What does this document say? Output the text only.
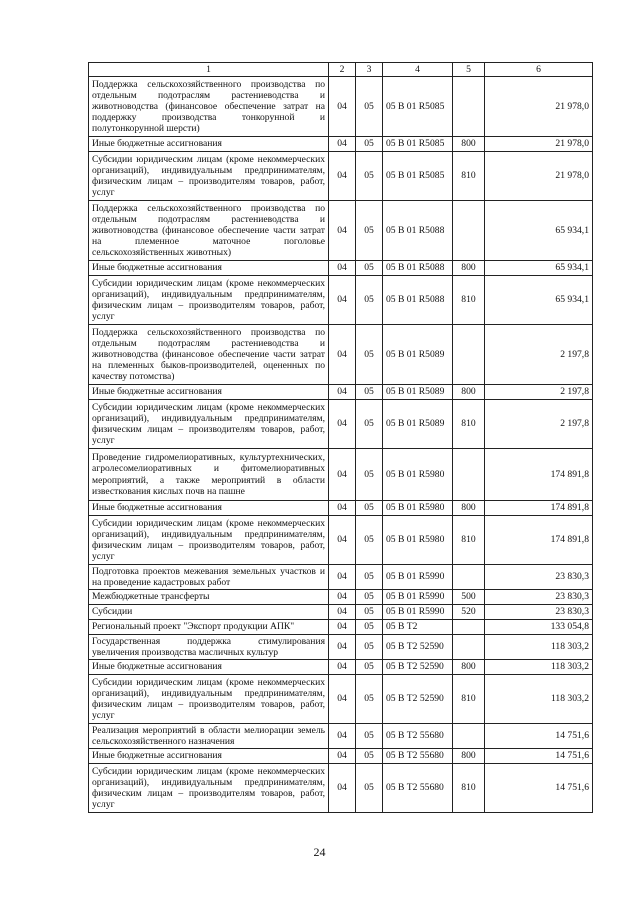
1	2	3	4	5	6
Поддержка сельскохозяйственного производства по отдельным подотраслям растениеводства и животноводства (финансовое обеспечение затрат на поддержку производства тонкорунной и полутонкорунной шерсти)	04	05	05 В 01 R5085		21 978,0
Иные бюджетные ассигнования	04	05	05 В 01 R5085	800	21 978,0
Субсидии юридическим лицам (кроме некоммерческих организаций), индивидуальным предпринимателям, физическим лицам – производителям товаров, работ, услуг	04	05	05 В 01 R5085	810	21 978,0
Поддержка сельскохозяйственного производства по отдельным подотраслям растениеводства и животноводства (финансовое обеспечение части затрат на племенное маточное поголовье сельскохозяйственных животных)	04	05	05 В 01 R5088		65 934,1
Иные бюджетные ассигнования	04	05	05 В 01 R5088	800	65 934,1
Субсидии юридическим лицам (кроме некоммерческих организаций), индивидуальным предпринимателям, физическим лицам – производителям товаров, работ, услуг	04	05	05 В 01 R5088	810	65 934,1
Поддержка сельскохозяйственного производства по отдельным подотраслям растениеводства и животноводства (финансовое обеспечение части затрат на племенных быков-производителей, оцененных по качеству потомства)	04	05	05 В 01 R5089		2 197,8
Иные бюджетные ассигнования	04	05	05 В 01 R5089	800	2 197,8
Субсидии юридическим лицам (кроме некоммерческих организаций), индивидуальным предпринимателям, физическим лицам – производителям товаров, работ, услуг	04	05	05 В 01 R5089	810	2 197,8
Проведение гидромелиоративных, культуртехнических, агролесомелиоративных и фитомелиоративных мероприятий, а также мероприятий в области известкования кислых почв на пашне	04	05	05 В 01 R5980		174 891,8
Иные бюджетные ассигнования	04	05	05 В 01 R5980	800	174 891,8
Субсидии юридическим лицам (кроме некоммерческих организаций), индивидуальным предпринимателям, физическим лицам – производителям товаров, работ, услуг	04	05	05 В 01 R5980	810	174 891,8
Подготовка проектов межевания земельных участков и на проведение кадастровых работ	04	05	05 В 01 R5990		23 830,3
Межбюджетные трансферты	04	05	05 В 01 R5990	500	23 830,3
Субсидии	04	05	05 В 01 R5990	520	23 830,3
Региональный проект "Экспорт продукции АПК"	04	05	05 В Т2		133 054,8
Государственная поддержка стимулирования увеличения производства масличных культур	04	05	05 В Т2 52590		118 303,2
Иные бюджетные ассигнования	04	05	05 В Т2 52590	800	118 303,2
Субсидии юридическим лицам (кроме некоммерческих организаций), индивидуальным предпринимателям, физическим лицам – производителям товаров, работ, услуг	04	05	05 В Т2 52590	810	118 303,2
Реализация мероприятий в области мелиорации земель сельскохозяйственного назначения	04	05	05 В Т2 55680		14 751,6
Иные бюджетные ассигнования	04	05	05 В Т2 55680	800	14 751,6
Субсидии юридическим лицам (кроме некоммерческих организаций), индивидуальным предпринимателям, физическим лицам – производителям товаров, работ, услуг	04	05	05 В Т2 55680	810	14 751,6
24
